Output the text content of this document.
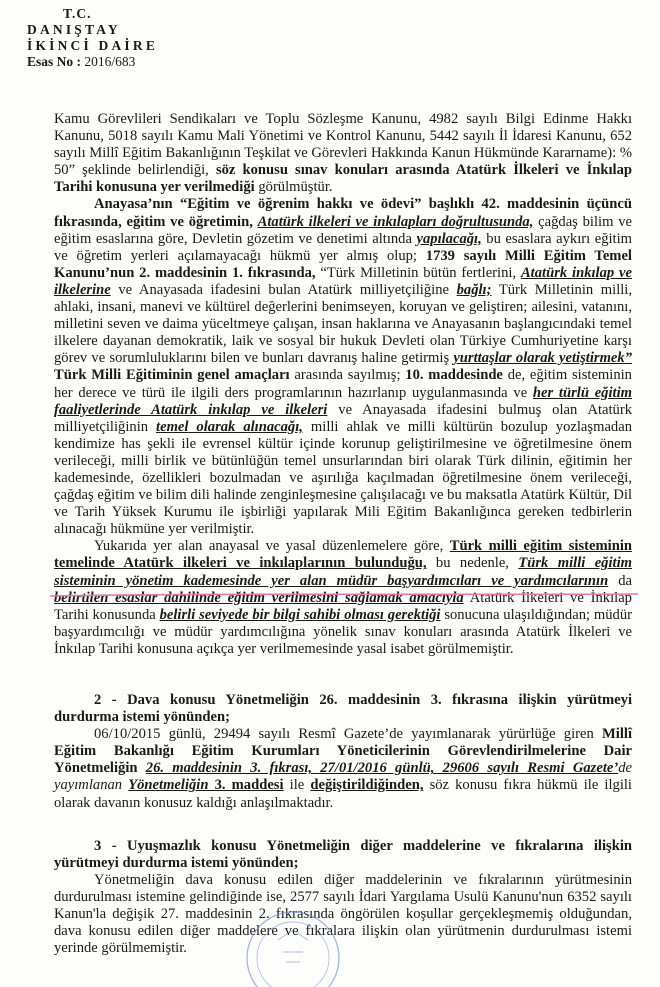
T.C.
DANIŞTAY
İKİNCİ DAİRE
Esas No : 2016/683

Kamu Görevlileri Sendikaları ve Toplu Sözleşme Kanunu, 4982 sayılı Bilgi Edinme Hakkı Kanunu, 5018 sayılı Kamu Mali Yönetimi ve Kontrol Kanunu, 5442 sayılı İl İdaresi Kanunu, 652 sayılı Millî Eğitim Bakanlığının Teşkilat ve Görevleri Hakkında Kanun Hükmünde Kararname): % 50” şeklinde belirlendiği, söz konusu sınav konuları arasında Atatürk İlkeleri ve İnkılap Tarihi konusuna yer verilmediği görülmüştür.

Anayasa’nın “Eğitim ve öğrenim hakkı ve ödevi” başlıklı 42. maddesinin üçüncü fıkrasında, eğitim ve öğretimin, Atatürk ilkeleri ve inkılapları doğrultusunda, çağdaş bilim ve eğitim esaslarına göre, Devletin gözetim ve denetimi altında yapılacağı, bu esaslara aykırı eğitim ve öğretim yerleri açılamayacağı hükmü yer almış olup; 1739 sayılı Milli Eğitim Temel Kanunu’nun 2. maddesinin 1. fıkrasında, “Türk Milletinin bütün fertlerini, Atatürk inkılap ve ilkelerine ve Anayasada ifadesini bulan Atatürk milliyetçiliğine bağlı; Türk Milletinin milli, ahlaki, insani, manevi ve kültürel değerlerini benimseyen, koruyan ve geliştiren; ailesini, vatanını, milletini seven ve daima yüceltmeye çalışan, insan haklarına ve Anayasanın başlangıcındaki temel ilkelere dayanan demokratik, laik ve sosyal bir hukuk Devleti olan Türkiye Cumhuriyetine karşı görev ve sorumluluklarını bilen ve bunları davranış haline getirmiş yurttaşlar olarak yetiştirmek” Türk Milli Eğitiminin genel amaçları arasında sayılmış; 10. maddesinde de, eğitim sisteminin her derece ve türü ile ilgili ders programlarının hazırlanıp uygulanmasında ve her türlü eğitim faaliyetlerinde Atatürk inkılap ve ilkeleri ve Anayasada ifadesini bulmuş olan Atatürk milliyetçiliğinin temel olarak alınacağı, milli ahlak ve milli kültürün bozulup yozlaşmadan kendimize has şekli ile evrensel kültür içinde korunup geliştirilmesine ve öğretilmesine önem verileceği, milli birlik ve bütünlüğün temel unsurlarından biri olarak Türk dilinin, eğitimin her kademesinde, özellikleri bozulmadan ve aşırılığa kaçılmadan öğretilmesine önem verileceği, çağdaş eğitim ve bilim dili halinde zenginleşmesine çalışılacağı ve bu maksatla Atatürk Kültür, Dil ve Tarih Yüksek Kurumu ile işbirliği yapılarak Mili Eğitim Bakanlığınca gereken tedbirlerin alınacağı hükmüne yer verilmiştir.

Yukarıda yer alan anayasal ve yasal düzenlemelere göre, Türk milli eğitim sisteminin temelinde Atatürk ilkeleri ve inkılaplarının bulunduğu, bu nedenle, Türk milli eğitim sisteminin yönetim kademesinde yer alan müdür başyardımcıları ve yardımcılarının da belirtilen esaslar dahilinde eğitim verilmesini sağlamak amacıyla Atatürk İlkeleri ve İnkılap Tarihi konusunda belirli seviyede bir bilgi sahibi olması gerektiği sonucuna ulaşıldığından; müdür başyardımcılığı ve müdür yardımcılığına yönelik sınav konuları arasında Atatürk İlkeleri ve İnkılap Tarihi konusuna açıkça yer verilmemesinde yasal isabet görülmemiştir.

2 - Dava konusu Yönetmeliğin 26. maddesinin 3. fıkrasına ilişkin yürütmeyi durdurma istemi yönünden;

06/10/2015 günlü, 29494 sayılı Resmî Gazete’de yayımlanarak yürürlüğe giren Millî Eğitim Bakanlığı Eğitim Kurumları Yöneticilerinin Görevlendirilmelerine Dair Yönetmeliğin 26. maddesinin 3. fıkrası, 27/01/2016 günlü, 29606 sayılı Resmi Gazete’de yayımlanan Yönetmeliğin 3. maddesi ile değiştirildiğinden, söz konusu fıkra hükmü ile ilgili olarak davanın konusuz kaldığı anlaşılmaktadır.

3 - Uyuşmazlık konusu Yönetmeliğin diğer maddelerine ve fıkralarına ilişkin yürütmeyi durdurma istemi yönünden;

Yönetmeliğin dava konusu edilen diğer maddelerinin ve fıkralarının yürütmesinin durdurulması istemine gelindiğinde ise, 2577 sayılı İdari Yargılama Usulü Kanunu'nun 6352 sayılı Kanun'la değişik 27. maddesinin 2. fıkrasında öngörülen koşullar gerçekleşmemiş olduğundan, dava konusu edilen diğer maddelere ve fıkralara ilişkin olan yürütmenin durdurulması istemi yerinde görülmemiştir.
